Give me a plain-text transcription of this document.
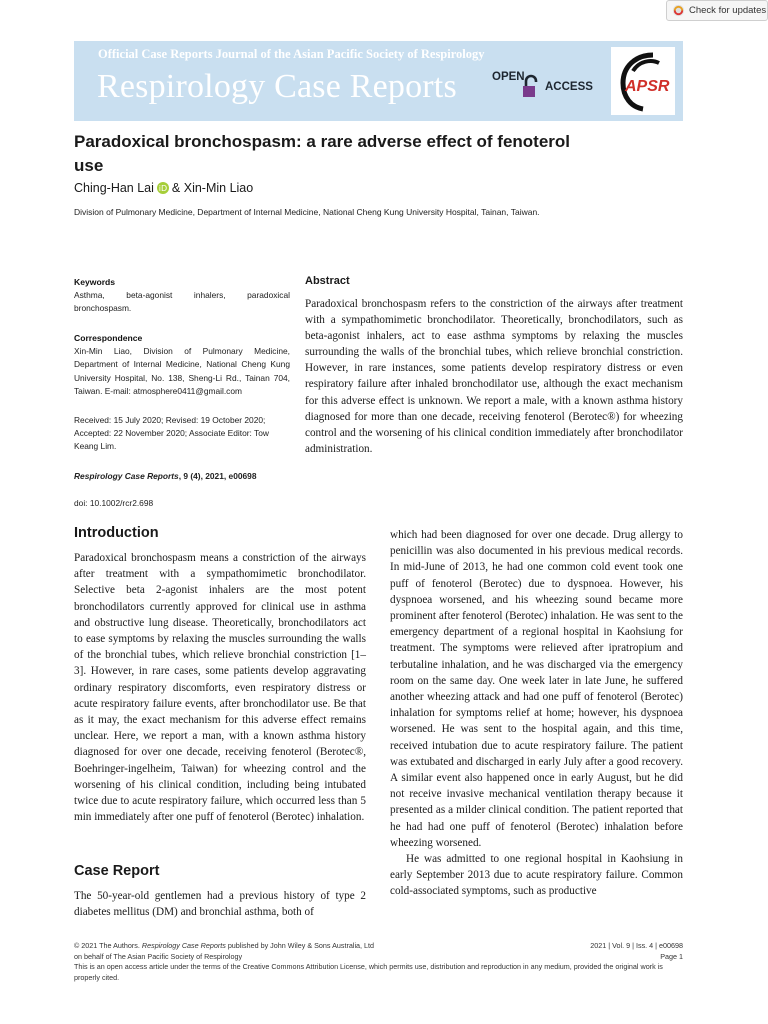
Check for updates
Official Case Reports Journal of the Asian Pacific Society of Respirology
Respirology Case Reports	OPEN
ACCESS APSR
Paradoxical bronchospasm: a rare adverse effect of fenoterol use
Ching-Han Lai iD & Xin-Min Liao
Division of Pulmonary Medicine, Department of Internal Medicine, National Cheng Kung University Hospital, Tainan, Taiwan.
Keywords
Asthma, beta-agonist inhalers, paradoxical bronchospasm.
Correspondence
Xin-Min Liao, Division of Pulmonary Medicine, Department of Internal Medicine, National Cheng Kung University Hospital, No. 138, Sheng-Li Rd., Tainan 704, Taiwan. E-mail: atmosphere0411@gmail.com
Received: 15 July 2020; Revised: 19 October 2020; Accepted: 22 November 2020; Associate Editor: Tow Keang Lim.
Respirology Case Reports, 9 (4), 2021, e00698
doi: 10.1002/rcr2.698
Abstract
Paradoxical bronchospasm refers to the constriction of the airways after treatment with a sympathomimetic bronchodilator. Theoretically, bronchodilators, such as beta-agonist inhalers, act to ease asthma symptoms by relaxing the muscles surrounding the walls of the bronchial tubes, which relieve bronchial constriction. However, in rare instances, some patients develop respiratory distress or even respiratory failure after inhaled bronchodilator use, although the exact mechanism for this adverse effect is unknown. We report a male, with a known asthma history diagnosed for more than one decade, receiving fenoterol (Berotec®) for wheezing control and the worsening of his clinical condition immediately after bronchodilator administration.
Introduction
Paradoxical bronchospasm means a constriction of the airways after treatment with a sympathomimetic bronchodilator. Selective beta 2-agonist inhalers are the most potent bronchodilators currently approved for clinical use in asthma and obstructive lung disease. Theoretically, bronchodilators act to ease symptoms by relaxing the muscles surrounding the walls of the bronchial tubes, which relieve bronchial constriction [1–3]. However, in rare cases, some patients develop aggravating ordinary respiratory discomforts, even respiratory distress or acute respiratory failure events, after bronchodilator use. Be that as it may, the exact mechanism for this adverse effect remains unclear. Here, we report a man, with a known asthma history diagnosed for over one decade, receiving fenoterol (Berotec®, Boehringer-ingelheim, Taiwan) for wheezing control and the worsening of his clinical condition, including being intubated twice due to acute respiratory failure, which occurred less than 5 min immediately after one puff of fenoterol (Berotec) inhalation.
Case Report
The 50-year-old gentlemen had a previous history of type 2 diabetes mellitus (DM) and bronchial asthma, both of

which had been diagnosed for over one decade. Drug allergy to penicillin was also documented in his previous medical records. In mid-June of 2013, he had one common cold event took one puff of fenoterol (Berotec) due to dyspnoea. However, his dyspnoea worsened, and his wheezing sound became more prominent after fenoterol (Berotec) inhalation. He was sent to the emergency department of a regional hospital in Kaohsiung for treatment. The symptoms were relieved after ipratropium and terbutaline inhalation, and he was discharged via the emergency room on the same day. One week later in late June, he suffered another wheezing attack and had one puff of fenoterol (Berotec) inhalation for symptoms relief at home; however, his dyspnoea worsened. He was sent to the hospital again, and this time, received intubation due to acute respiratory failure. The patient was extubated and discharged in early July after a good recovery. A similar event also happened once in early August, but he did not receive invasive mechanical ventilation therapy because it presented as a milder clinical condition. The patient reported that he had had one puff of fenoterol (Berotec) inhalation before wheezing worsened.

He was admitted to one regional hospital in Kaohsiung in early September 2013 due to acute respiratory failure. Common cold-associated symptoms, such as productive

© 2021 The Authors. Respirology Case Reports published by John Wiley & Sons Australia, Ltd
on behalf of The Asian Pacific Society of Respirology
This is an open access article under the terms of the Creative Commons Attribution License, which permits use, distribution and reproduction in any medium, provided the original work is properly cited.
2021 | Vol. 9 | Iss. 4 | e00698
Page 1
